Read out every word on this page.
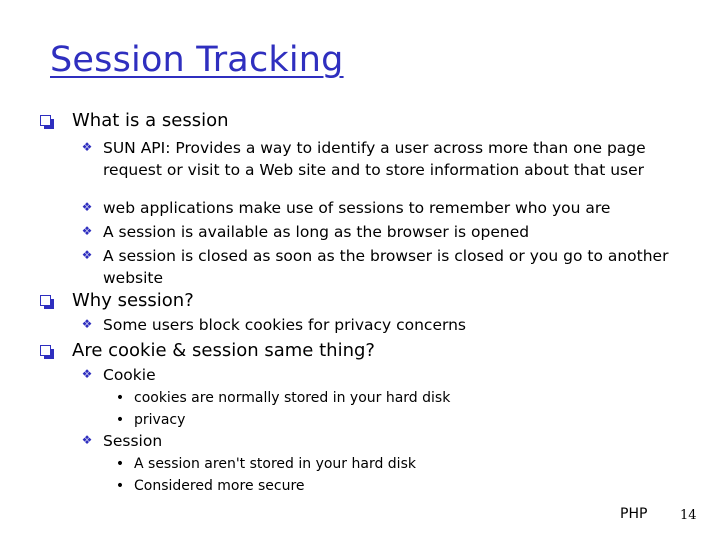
Session Tracking
What is a session
❖ SUN API: Provides a way to identify a user across more than one page request or visit to a Web site and to store information about that user
❖ web applications make use of sessions to remember who you are
❖ A session is available as long as the browser is opened
❖ A session is closed as soon as the browser is closed or you go to another website
Why session?
❖ Some users block cookies for privacy concerns
Are cookie & session same thing?
❖ Cookie
• cookies are normally stored in your hard disk
• privacy
❖ Session
• A session aren't stored in your hard disk
• Considered more secure
PHP	14
